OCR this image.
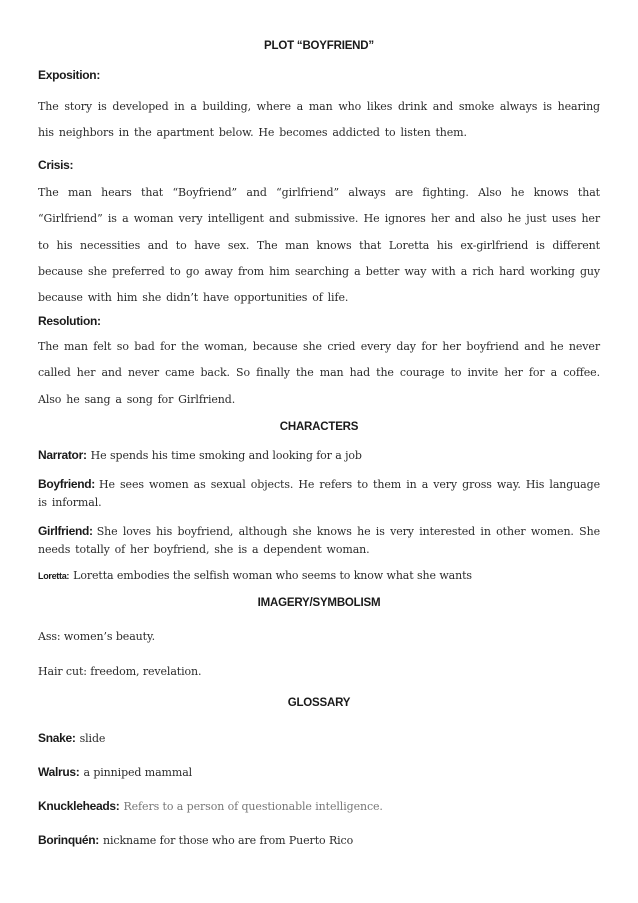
PLOT “BOYFRIEND”
Exposition:
The story is developed in a building, where a man who likes drink and smoke always is hearing his neighbors in the apartment below. He becomes addicted to listen them.
Crisis:
The man hears that “Boyfriend” and “girlfriend” always are fighting. Also he knows that “Girlfriend” is a woman very intelligent and submissive. He ignores her and also he just uses her to his necessities and to have sex. The man knows that Loretta his ex-girlfriend is different because she preferred to go away from him searching a better way with a rich hard working guy because with him she didn’t have opportunities of life.
Resolution:
The man felt so bad for the woman, because she cried every day for her boyfriend and he never called her and never came back. So finally the man had the courage to invite her for a coffee. Also he sang a song for Girlfriend.
CHARACTERS
Narrator: He spends his time smoking and looking for a job
Boyfriend: He sees women as sexual objects. He refers to them in a very gross way. His language is informal.
Girlfriend: She loves his boyfriend, although she knows he is very interested in other women. She needs totally of her boyfriend, she is a dependent woman.
Loretta: Loretta embodies the selfish woman who seems to know what she wants
IMAGERY/SYMBOLISM
Ass: women’s beauty.
Hair cut: freedom, revelation.
GLOSSARY
Snake: slide
Walrus: a pinniped mammal
Knuckleheads: Refers to a person of questionable intelligence.
Borinquén: nickname for those who are from Puerto Rico
